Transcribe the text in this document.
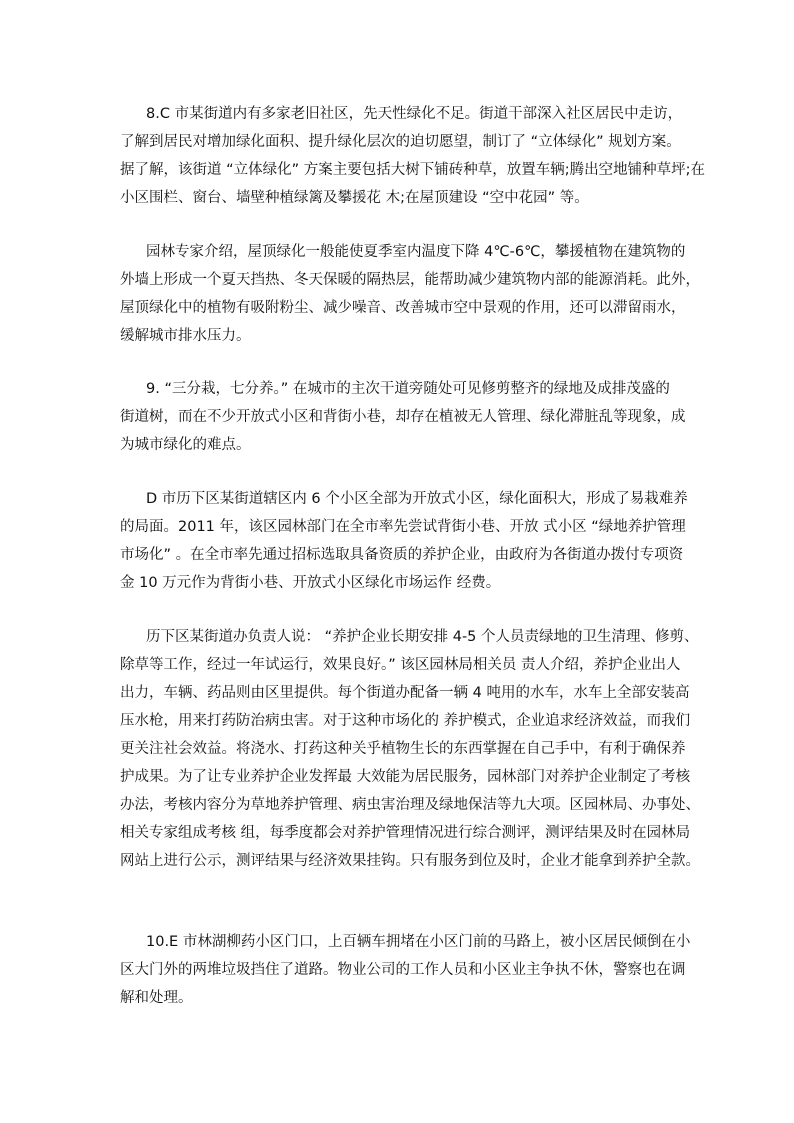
8.C 市某街道内有多家老旧社区，先天性绿化不足。街道干部深入社区居民中走访，
了解到居民对增加绿化面积、提升绿化层次的迫切愿望，制订了 “立体绿化” 规划方案。
据了解，该街道 “立体绿化” 方案主要包括大树下铺砖种草，放置车辆;腾出空地铺种草坪;在
小区围栏、窗台、墙壁种植绿篱及攀援花 木;在屋顶建设 “空中花园” 等。
园林专家介绍，屋顶绿化一般能使夏季室内温度下降 4℃-6℃，攀援植物在建筑物的
外墙上形成一个夏天挡热、冬天保暖的隔热层，能帮助减少建筑物内部的能源消耗。此外，
屋顶绿化中的植物有吸附粉尘、减少噪音、改善城市空中景观的作用，还可以滞留雨水，
缓解城市排水压力。
9. “三分栽，七分养。” 在城市的主次干道旁随处可见修剪整齐的绿地及成排茂盛的
街道树，而在不少开放式小区和背街小巷，却存在植被无人管理、绿化滞脏乱等现象，成
为城市绿化的难点。
D 市历下区某街道辖区内 6 个小区全部为开放式小区，绿化面积大，形成了易栽难养
的局面。2011 年，该区园林部门在全市率先尝试背街小巷、开放 式小区 “绿地养护管理
市场化” 。在全市率先通过招标选取具备资质的养护企业，由政府为各街道办拨付专项资
金 10 万元作为背街小巷、开放式小区绿化市场运作 经费。
历下区某街道办负责人说： “养护企业长期安排 4-5 个人员责绿地的卫生清理、修剪、
除草等工作，经过一年试运行，效果良好。” 该区园林局相关员 责人介绍，养护企业出人
出力，车辆、药品则由区里提供。每个街道办配备一辆 4 吨用的水车，水车上全部安装高
压水枪，用来打药防治病虫害。对于这种市场化的 养护模式，企业追求经济效益，而我们
更关注社会效益。将浇水、打药这种关乎植物生长的东西掌握在自己手中，有利于确保养
护成果。为了让专业养护企业发挥最 大效能为居民服务，园林部门对养护企业制定了考核
办法，考核内容分为草地养护管理、病虫害治理及绿地保洁等九大项。区园林局、办事处、
相关专家组成考核 组，每季度都会对养护管理情况进行综合测评，测评结果及时在园林局
网站上进行公示，测评结果与经济效果挂钩。只有服务到位及时，企业才能拿到养护全款。
10.E 市林湖柳药小区门口，上百辆车拥堵在小区门前的马路上，被小区居民倾倒在小
区大门外的两堆垃圾挡住了道路。物业公司的工作人员和小区业主争执不休，警察也在调
解和处理。
